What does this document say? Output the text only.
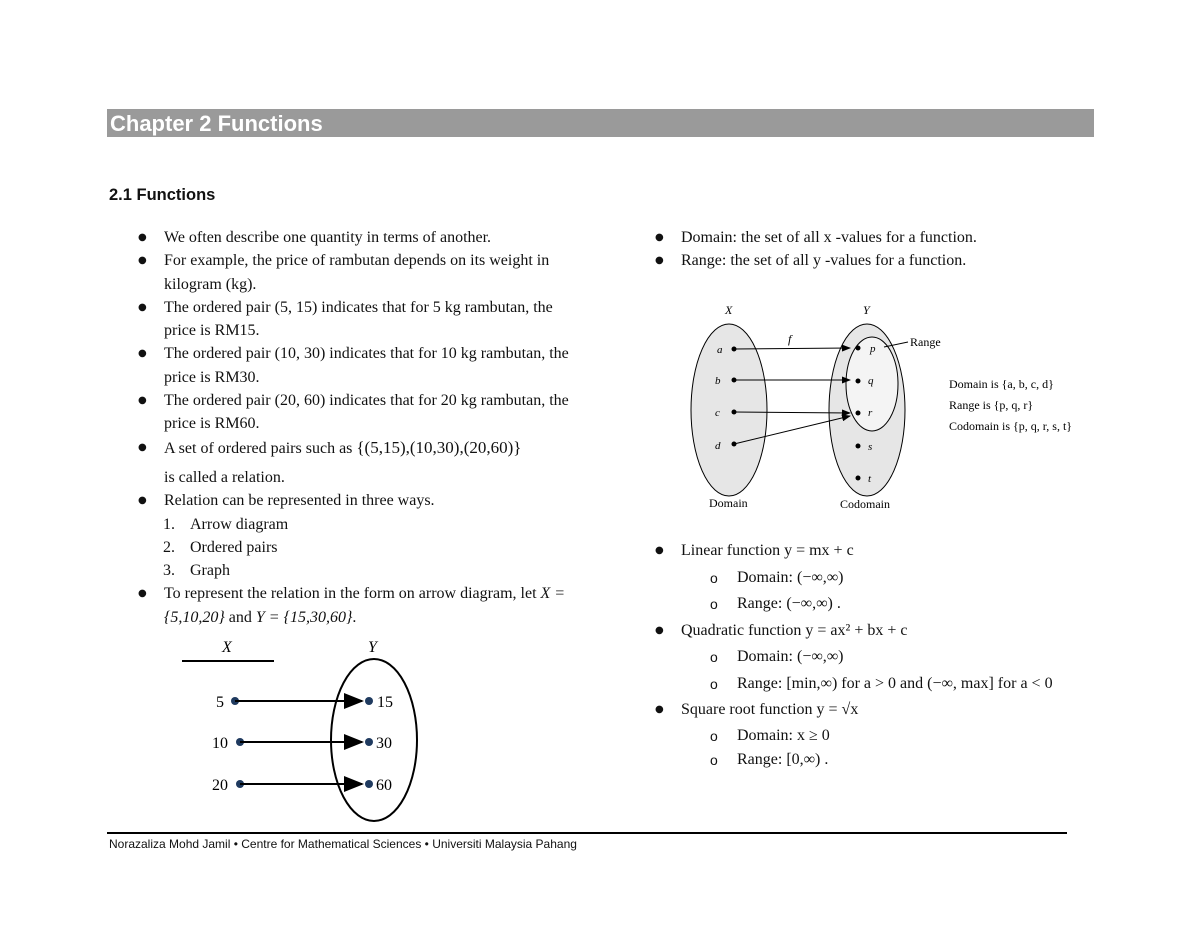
Chapter 2 Functions
2.1 Functions
● We often describe one quantity in terms of another.
● For example, the price of rambutan depends on its weight in kilogram (kg).
● The ordered pair (5, 15) indicates that for 5 kg rambutan, the price is RM15.
● The ordered pair (10, 30) indicates that for 10 kg rambutan, the price is RM30.
● The ordered pair (20, 60) indicates that for 20 kg rambutan, the price is RM60.
● A set of ordered pairs such as {(5,15),(10,30),(20,60)}
is called a relation.
● Relation can be represented in three ways.
1. Arrow diagram
2. Ordered pairs
3. Graph
● To represent the relation in the form on arrow diagram, let X = {5,10,20} and Y = {15,30,60}.
X	Y
5	15
10	30
20	60
● Domain: the set of all x -values for a function.
● Range: the set of all y -values for a function.
X	Y
f
a
b
c
d
p
q
r
s
t
Range
Domain	Codomain
Domain is {a, b, c, d}
Range is {p, q, r}
Codomain is {p, q, r, s, t}
● Linear function y = mx + c
o Domain: (−∞,∞)
o Range: (−∞,∞) .
● Quadratic function y = ax² + bx + c
o Domain: (−∞,∞)
o Range: [min,∞) for a > 0 and (−∞, max] for a < 0
● Square root function y = √x
o Domain: x ≥ 0
o Range: [0,∞) .
Norazaliza Mohd Jamil • Centre for Mathematical Sciences • Universiti Malaysia Pahang
